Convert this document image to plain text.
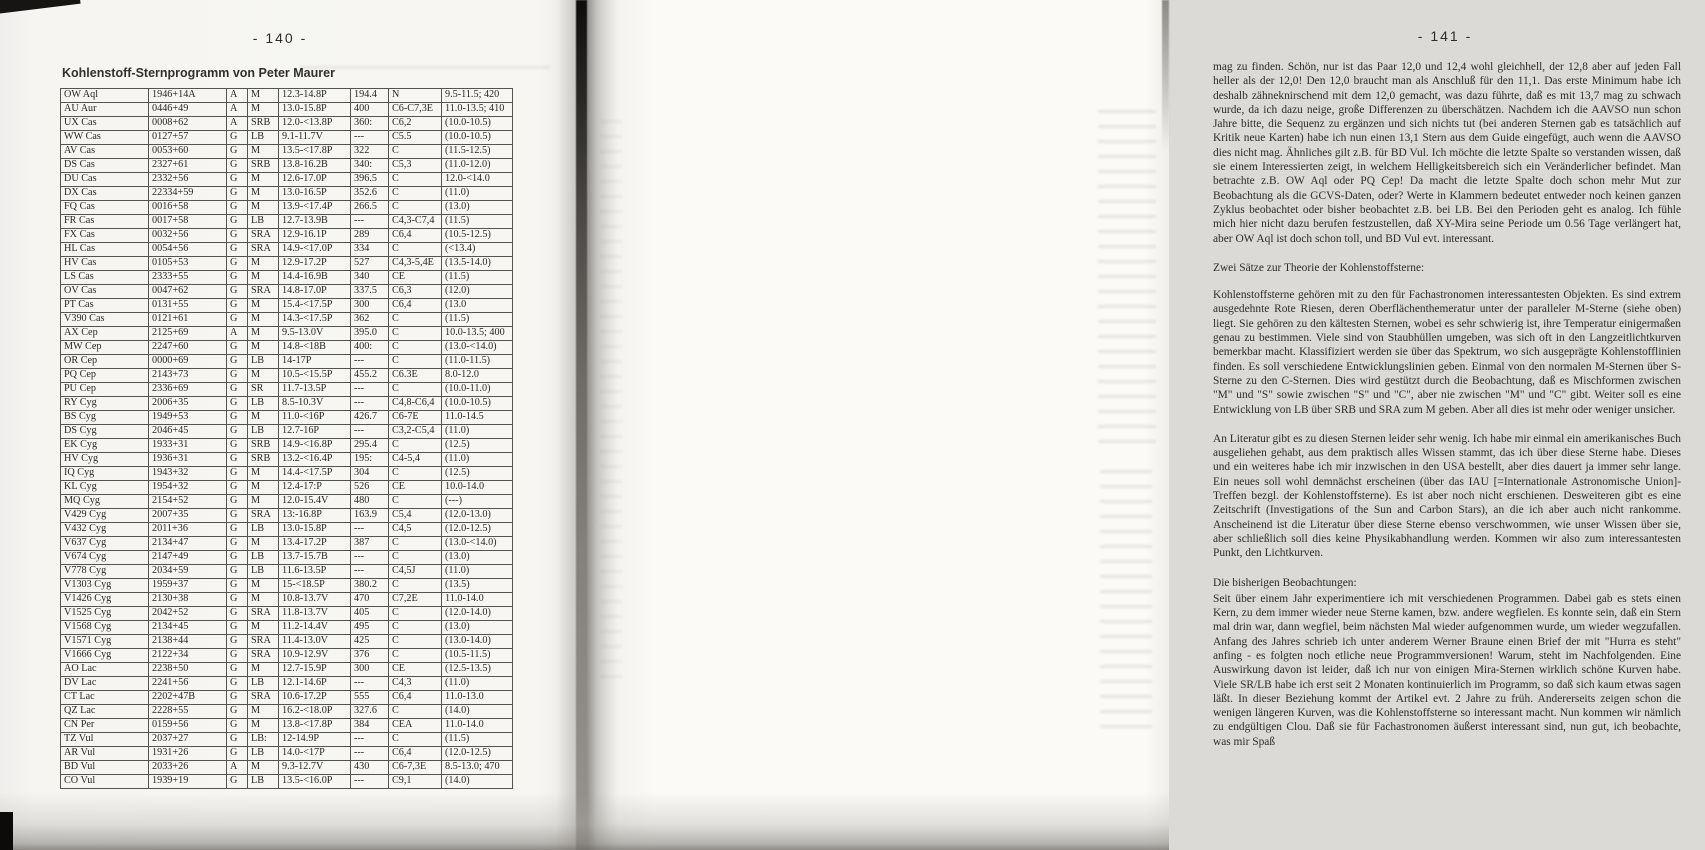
- 140 -
Kohlenstoff-Sternprogramm von Peter Maurer
OW Aql	1946+14A	A	M	12.3-14.8P	194.4	N	9.5-11.5; 420
AU Aur	0446+49	A	M	13.0-15.8P	400	C6-C7,3E	11.0-13.5; 410
UX Cas	0008+62	A	SRB	12.0-<13.8P	360:	C6,2	(10.0-10.5)
WW Cas	0127+57	G	LB	9.1-11.7V	---	C5.5	(10.0-10.5)
AV Cas	0053+60	G	M	13.5-<17.8P	322	C	(11.5-12.5)
DS Cas	2327+61	G	SRB	13.8-16.2B	340:	C5,3	(11.0-12.0)
DU Cas	2332+56	G	M	12.6-17.0P	396.5	C	12.0-<14.0
DX Cas	22334+59	G	M	13.0-16.5P	352.6	C	(11.0)
FQ Cas	0016+58	G	M	13.9-<17.4P	266.5	C	(13.0)
FR Cas	0017+58	G	LB	12.7-13.9B	---	C4,3-C7,4	(11.5)
FX Cas	0032+56	G	SRA	12.9-16.1P	289	C6,4	(10.5-12.5)
HL Cas	0054+56	G	SRA	14.9-<17.0P	334	C	(<13.4)
HV Cas	0105+53	G	M	12.9-17.2P	527	C4,3-5,4E	(13.5-14.0)
LS Cas	2333+55	G	M	14.4-16.9B	340	CE	(11.5)
OV Cas	0047+62	G	SRA	14.8-17.0P	337.5	C6,3	(12.0)
PT Cas	0131+55	G	M	15.4-<17.5P	300	C6,4	(13.0
V390 Cas	0121+61	G	M	14.3-<17.5P	362	C	(11.5)
AX Cep	2125+69	A	M	9.5-13.0V	395.0	C	10.0-13.5; 400
MW Cep	2247+60	G	M	14.8-<18B	400:	C	(13.0-<14.0)
OR Cep	0000+69	G	LB	14-17P	---	C	(11.0-11.5)
PQ Cep	2143+73	G	M	10.5-<15.5P	455.2	C6.3E	8.0-12.0
PU Cep	2336+69	G	SR	11.7-13.5P	---	C	(10.0-11.0)
RY Cyg	2006+35	G	LB	8.5-10.3V	---	C4,8-C6,4	(10.0-10.5)
BS Cyg	1949+53	G	M	11.0-<16P	426.7	C6-7E	11.0-14.5
DS Cyg	2046+45	G	LB	12.7-16P	---	C3,2-C5,4	(11.0)
EK Cyg	1933+31	G	SRB	14.9-<16.8P	295.4	C	(12.5)
HV Cyg	1936+31	G	SRB	13.2-<16.4P	195:	C4-5,4	(11.0)
IQ Cyg	1943+32	G	M	14.4-<17.5P	304	C	(12.5)
KL Cyg	1954+32	G	M	12.4-17:P	526	CE	10.0-14.0
MQ Cyg	2154+52	G	M	12.0-15.4V	480	C	(---)
V429 Cyg	2007+35	G	SRA	13:-16.8P	163.9	C5,4	(12.0-13.0)
V432 Cyg	2011+36	G	LB	13.0-15.8P	---	C4,5	(12.0-12.5)
V637 Cyg	2134+47	G	M	13.4-17.2P	387	C	(13.0-<14.0)
V674 Cyg	2147+49	G	LB	13.7-15.7B	---	C	(13.0)
V778 Cyg	2034+59	G	LB	11.6-13.5P	---	C4,5J	(11.0)
V1303 Cyg	1959+37	G	M	15-<18.5P	380.2	C	(13.5)
V1426 Cyg	2130+38	G	M	10.8-13.7V	470	C7,2E	11.0-14.0
V1525 Cyg	2042+52	G	SRA	11.8-13.7V	405	C	(12.0-14.0)
V1568 Cyg	2134+45	G	M	11.2-14.4V	495	C	(13.0)
V1571 Cyg	2138+44	G	SRA	11.4-13.0V	425	C	(13.0-14.0)
V1666 Cyg	2122+34	G	SRA	10.9-12.9V	376	C	(10.5-11.5)
AO Lac	2238+50	G	M	12.7-15.9P	300	CE	(12.5-13.5)
DV Lac	2241+56	G	LB	12.1-14.6P	---	C4,3	(11.0)
CT Lac	2202+47B	G	SRA	10.6-17.2P	555	C6,4	11.0-13.0
QZ Lac	2228+55	G	M	16.2-<18.0P	327.6	C	(14.0)
CN Per	0159+56	G	M	13.8-<17.8P	384	CEA	11.0-14.0
TZ Vul	2037+27	G	LB:	12-14.9P	---	C	(11.5)
AR Vul	1931+26	G	LB	14.0-<17P	---	C6,4	(12.0-12.5)
BD Vul	2033+26	A	M	9.3-12.7V	430	C6-7,3E	8.5-13.0; 470
CO Vul	1939+19	G	LB	13.5-<16.0P	---	C9,1	(14.0)
- 141 -
mag zu finden. Schön, nur ist das Paar 12,0 und 12,4 wohl gleichhell, der 12,8 aber auf jeden Fall heller als der 12,0! Den 12,0 braucht man als Anschluß für den 11,1. Das erste Minimum habe ich deshalb zähneknirschend mit dem 12,0 gemacht, was dazu führte, daß es mit 13,7 mag zu schwach wurde, da ich dazu neige, große Differenzen zu überschätzen. Nachdem ich die AAVSO nun schon Jahre bitte, die Sequenz zu ergänzen und sich nichts tut (bei anderen Sternen gab es tatsächlich auf Kritik neue Karten) habe ich nun einen 13,1 Stern aus dem Guide eingefügt, auch wenn die AAVSO dies nicht mag. Ähnliches gilt z.B. für BD Vul. Ich möchte die letzte Spalte so verstanden wissen, daß sie einem Interessierten zeigt, in welchem Helligkeitsbereich sich ein Veränderlicher befindet. Man betrachte z.B. OW Aql oder PQ Cep! Da macht die letzte Spalte doch schon mehr Mut zur Beobachtung als die GCVS-Daten, oder? Werte in Klammern bedeutet entweder noch keinen ganzen Zyklus beobachtet oder bisher beobachtet z.B. bei LB. Bei den Perioden geht es analog. Ich fühle mich hier nicht dazu berufen festzustellen, daß XY-Mira seine Periode um 0.56 Tage verlängert hat, aber OW Aql ist doch schon toll, und BD Vul evt. interessant.
Zwei Sätze zur Theorie der Kohlenstoffsterne:
Kohlenstoffsterne gehören mit zu den für Fachastronomen interessantesten Objekten. Es sind extrem ausgedehnte Rote Riesen, deren Oberflächenthemeratur unter der paralleler M-Sterne (siehe oben) liegt. Sie gehören zu den kältesten Sternen, wobei es sehr schwierig ist, ihre Temperatur einigermaßen genau zu bestimmen. Viele sind von Staubhüllen umgeben, was sich oft in den Langzeitlichtkurven bemerkbar macht. Klassifiziert werden sie über das Spektrum, wo sich ausgeprägte Kohlenstofflinien finden. Es soll verschiedene Entwicklungslinien geben. Einmal von den normalen M-Sternen über S-Sterne zu den C-Sternen. Dies wird gestützt durch die Beobachtung, daß es Mischformen zwischen "M" und "S" sowie zwischen "S" und "C", aber nie zwischen "M" und "C" gibt. Weiter soll es eine Entwicklung von LB über SRB und SRA zum M geben. Aber all dies ist mehr oder weniger unsicher.
An Literatur gibt es zu diesen Sternen leider sehr wenig. Ich habe mir einmal ein amerikanisches Buch ausgeliehen gehabt, aus dem praktisch alles Wissen stammt, das ich über diese Sterne habe. Dieses und ein weiteres habe ich mir inzwischen in den USA bestellt, aber dies dauert ja immer sehr lange. Ein neues soll wohl demnächst erscheinen (über das IAU [=Internationale Astronomische Union]-Treffen bezgl. der Kohlenstoffsterne). Es ist aber noch nicht erschienen. Desweiteren gibt es eine Zeitschrift (Investigations of the Sun and Carbon Stars), an die ich aber auch nicht rankomme. Anscheinend ist die Literatur über diese Sterne ebenso verschwommen, wie unser Wissen über sie, aber schließlich soll dies keine Physikabhandlung werden. Kommen wir also zum interessantesten Punkt, den Lichtkurven.
Die bisherigen Beobachtungen:
Seit über einem Jahr experimentiere ich mit verschiedenen Programmen. Dabei gab es stets einen Kern, zu dem immer wieder neue Sterne kamen, bzw. andere wegfielen. Es konnte sein, daß ein Stern mal drin war, dann wegfiel, beim nächsten Mal wieder aufgenommen wurde, um wieder wegzufallen. Anfang des Jahres schrieb ich unter anderem Werner Braune einen Brief der mit "Hurra es steht" anfing - es folgten noch etliche neue Programmversionen! Warum, steht im Nachfolgenden. Eine Auswirkung davon ist leider, daß ich nur von einigen Mira-Sternen wirklich schöne Kurven habe. Viele SR/LB habe ich erst seit 2 Monaten kontinuierlich im Programm, so daß sich kaum etwas sagen läßt. In dieser Beziehung kommt der Artikel evt. 2 Jahre zu früh. Andererseits zeigen schon die wenigen längeren Kurven, was die Kohlenstoffsterne so interessant macht. Nun kommen wir nämlich zu endgültigen Clou. Daß sie für Fachastronomen äußerst interessant sind, nun gut, ich beobachte, was mir Spaß
